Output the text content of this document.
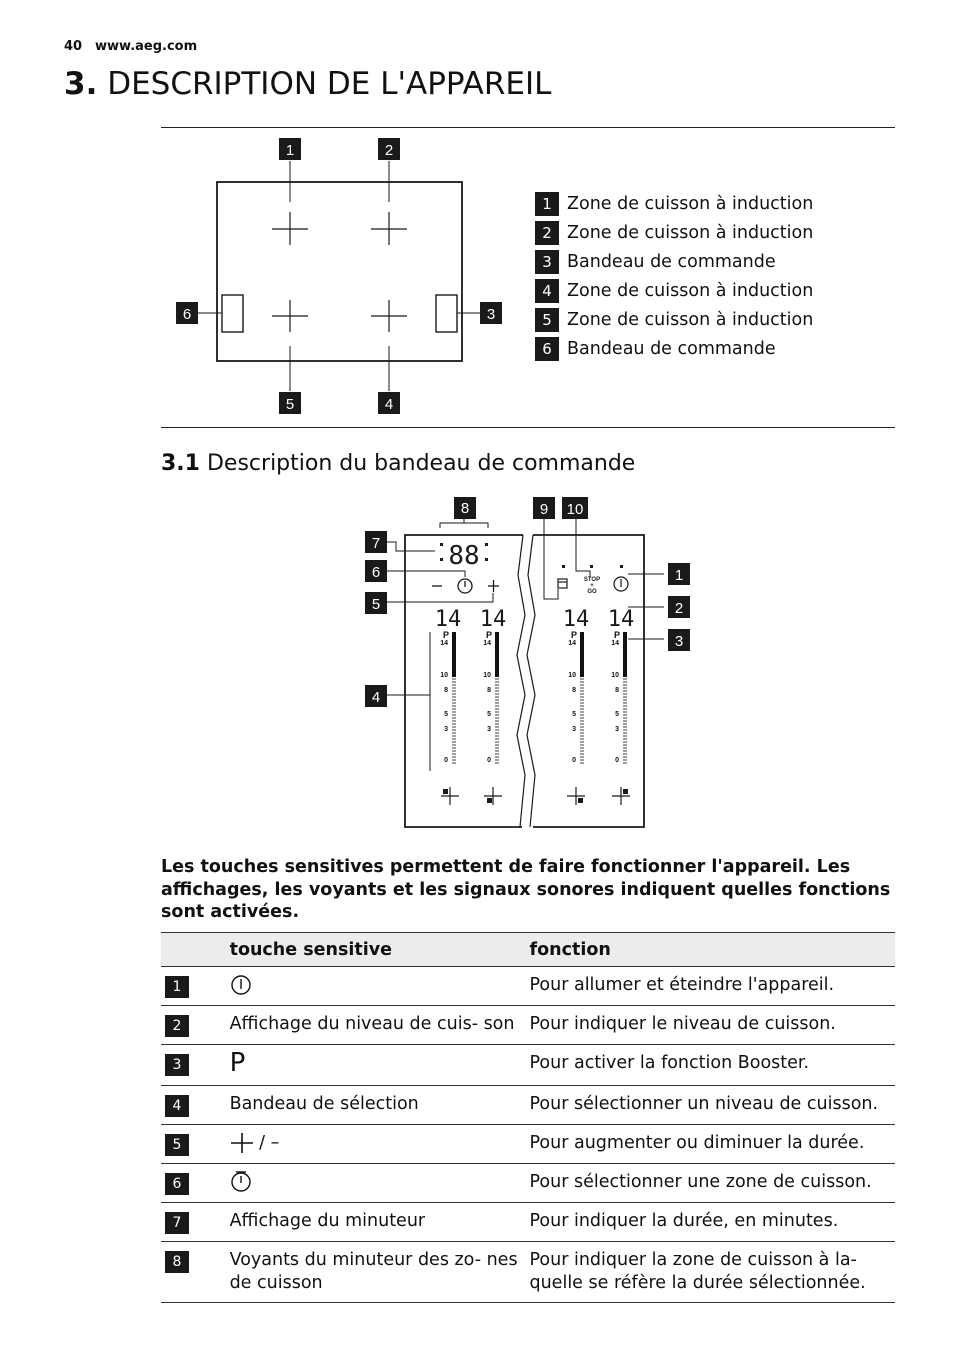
40 www.aeg.com
3. DESCRIPTION DE L'APPAREIL
1	2
3
4
5
6
1 Zone de cuisson à induction
2 Zone de cuisson à induction
3 Bandeau de commande
4 Zone de cuisson à induction
5 Zone de cuisson à induction
6 Bandeau de commande
3.1 Description du bandeau de commande
88
14 14	14 14
P
14
10
8
5
3
0
P
14
10
8
5
3
0
P
14
10
8
5
3
0
P
14
10
8
5
3
0
STOP
+
GO
8	9 10
7
6
5
4
1
2
3
Les touches sensitives permettent de faire fonctionner l'appareil. Les affichages, les voyants et les signaux sonores indiquent quelles fonctions sont activées.
	touche sensitive	fonction
1		Pour allumer et éteindre l'appareil.
2	Affichage du niveau de cuis- son	Pour indiquer le niveau de cuisson.
3	P	Pour activer la fonction Booster.
4	Bandeau de sélection	Pour sélectionner un niveau de cuisson.
5	/ –	Pour augmenter ou diminuer la durée.
6		Pour sélectionner une zone de cuisson.
7	Affichage du minuteur	Pour indiquer la durée, en minutes.
8	Voyants du minuteur des zo- nes de cuisson	Pour indiquer la zone de cuisson à la- quelle se réfère la durée sélectionnée.
